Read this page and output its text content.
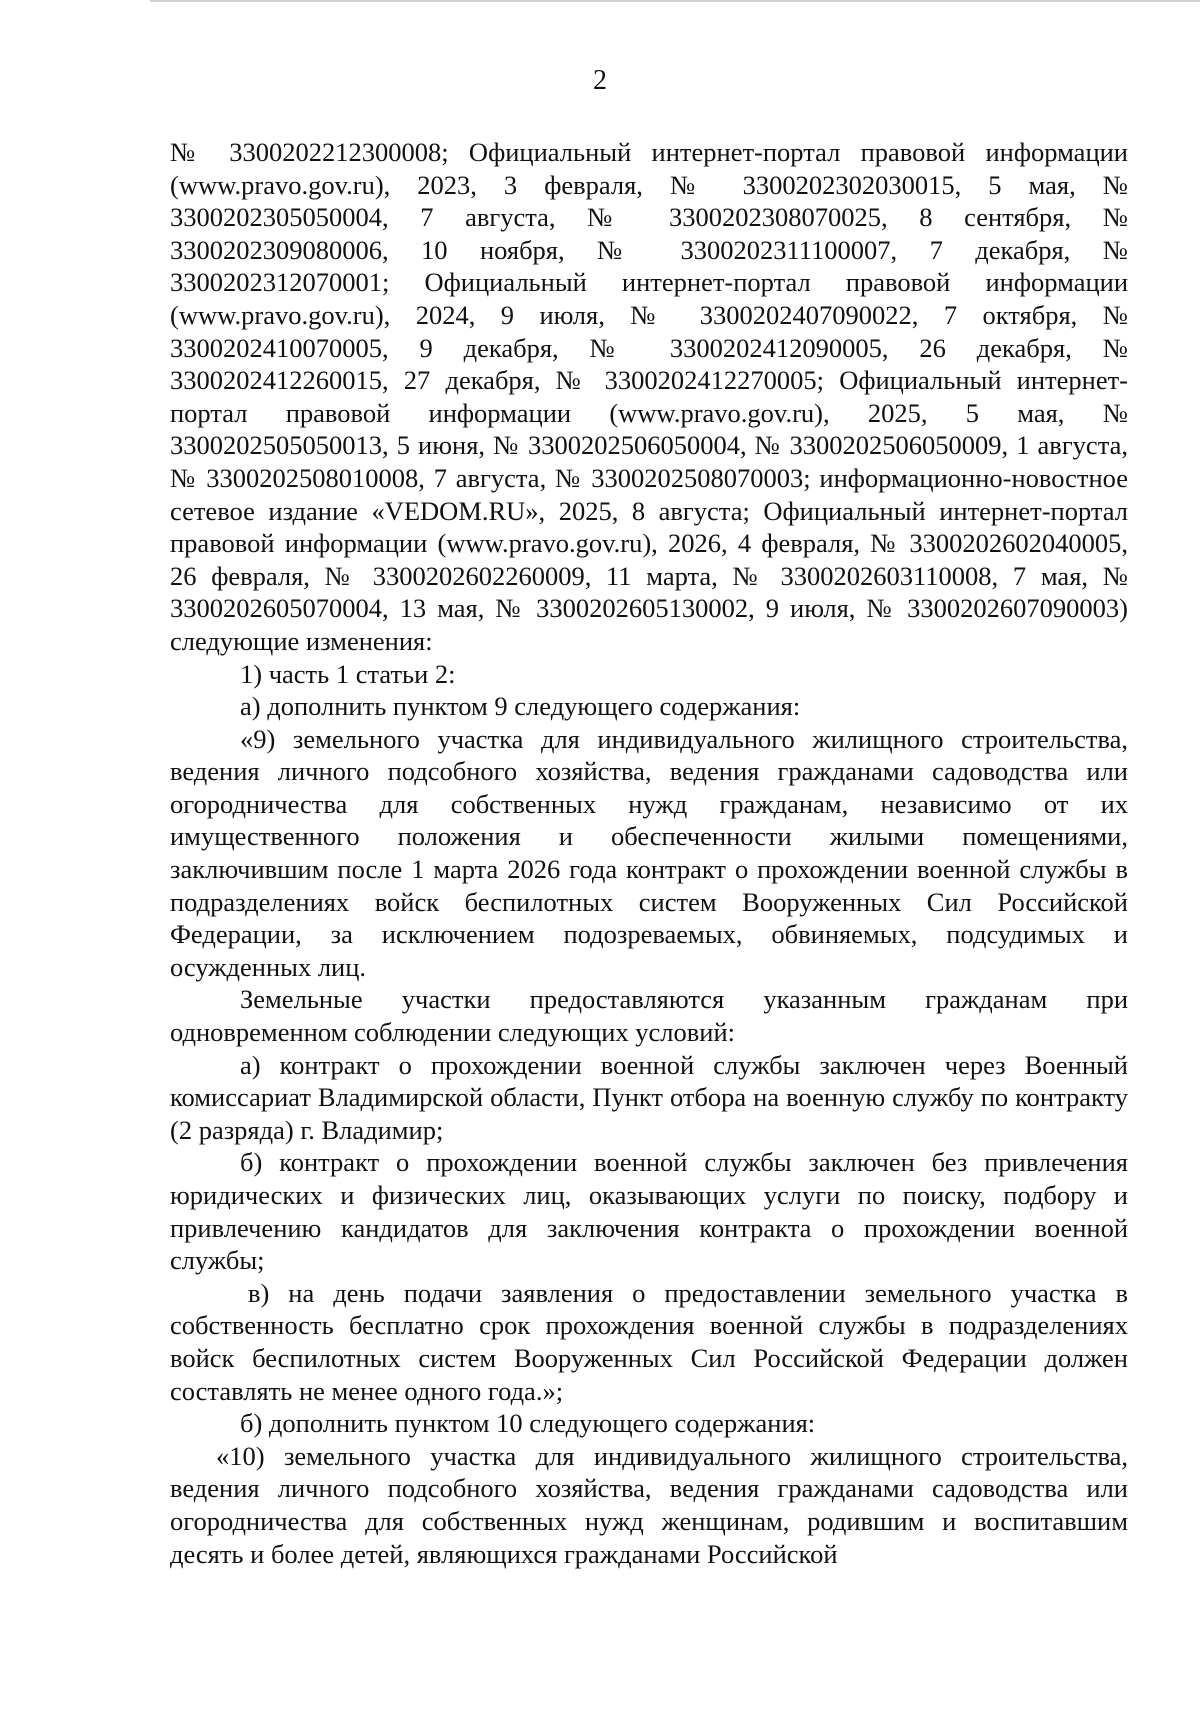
2

№ 3300202212300008; Официальный интернет-портал правовой информации (www.pravo.gov.ru), 2023, 3 февраля, № 3300202302030015, 5 мая, № 3300202305050004, 7 августа, № 3300202308070025, 8 сентября, № 3300202309080006, 10 ноября, № 3300202311100007, 7 декабря, № 3300202312070001; Официальный интернет-портал правовой информации (www.pravo.gov.ru), 2024, 9 июля, № 3300202407090022, 7 октября, № 3300202410070005, 9 декабря, № 3300202412090005, 26 декабря, № 3300202412260015, 27 декабря, № 3300202412270005; Официальный интернет-портал правовой информации (www.pravo.gov.ru), 2025, 5 мая, № 3300202505050013, 5 июня, № 3300202506050004, № 3300202506050009, 1 августа, № 3300202508010008, 7 августа, № 3300202508070003; информационно-новостное сетевое издание «VEDOM.RU», 2025, 8 августа; Официальный интернет-портал правовой информации (www.pravo.gov.ru), 2026, 4 февраля, № 3300202602040005, 26 февраля, № 3300202602260009, 11 марта, № 3300202603110008, 7 мая, № 3300202605070004, 13 мая, № 3300202605130002, 9 июля, № 3300202607090003) следующие изменения:

1) часть 1 статьи 2:

а) дополнить пунктом 9 следующего содержания:

«9) земельного участка для индивидуального жилищного строительства, ведения личного подсобного хозяйства, ведения гражданами садоводства или огородничества для собственных нужд гражданам, независимо от их имущественного положения и обеспеченности жилыми помещениями, заключившим после 1 марта 2026 года контракт о прохождении военной службы в подразделениях войск беспилотных систем Вооруженных Сил Российской Федерации, за исключением подозреваемых, обвиняемых, подсудимых и осужденных лиц.

Земельные участки предоставляются указанным гражданам при одновременном соблюдении следующих условий:

а) контракт о прохождении военной службы заключен через Военный комиссариат Владимирской области, Пункт отбора на военную службу по контракту (2 разряда) г. Владимир;

б) контракт о прохождении военной службы заключен без привлечения юридических и физических лиц, оказывающих услуги по поиску, подбору и привлечению кандидатов для заключения контракта о прохождении военной службы;

в) на день подачи заявления о предоставлении земельного участка в собственность бесплатно срок прохождения военной службы в подразделениях войск беспилотных систем Вооруженных Сил Российской Федерации должен составлять не менее одного года.»;

б) дополнить пунктом 10 следующего содержания:

«10) земельного участка для индивидуального жилищного строительства, ведения личного подсобного хозяйства, ведения гражданами садоводства или огородничества для собственных нужд женщинам, родившим и воспитавшим десять и более детей, являющихся гражданами Российской
